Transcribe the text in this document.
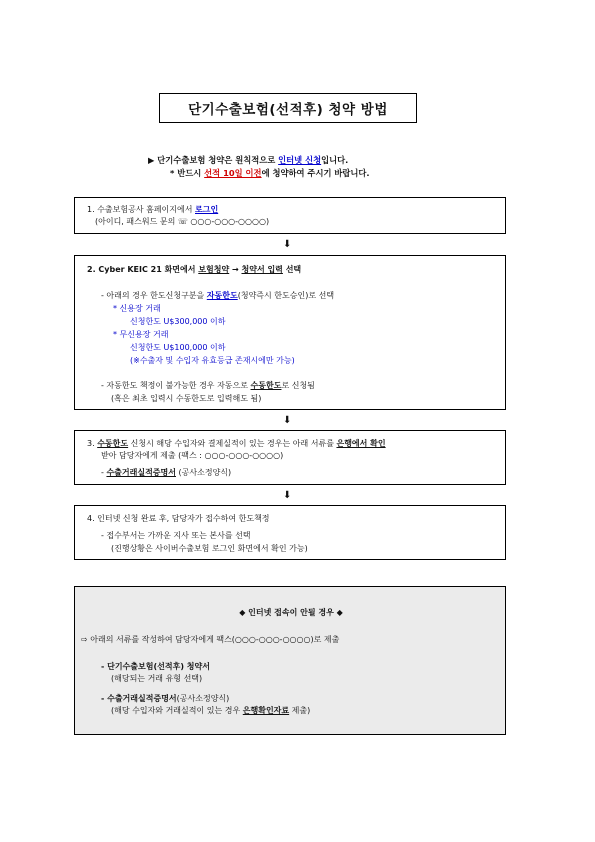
단기수출보험(선적후) 청약 방법
▶ 단기수출보험 청약은 원칙적으로 인터넷 신청입니다.
* 반드시 선적 10일 이전에 청약하여 주시기 바랍니다.
1. 수출보험공사 홈페이지에서 로그인
(아이디, 패스워드 문의 ☏ ○○○-○○○-○○○○)
⬇
2. Cyber KEIC 21 화면에서 보험청약 → 청약서 입력 선택
- 아래의 경우 한도신청구분을 자동한도(청약즉시 한도승인)로 선택
* 신용장 거래
신청한도 U$300,000 이하
* 무신용장 거래
신청한도 U$100,000 이하
(※수출자 및 수입자 유효등급 존재시에만 가능)
- 자동한도 책정이 불가능한 경우 자동으로 수동한도로 신청됨
(혹은 최초 입력시 수동한도로 입력해도 됨)
⬇
3. 수동한도 신청시 해당 수입자와 결제실적이 있는 경우는 아래 서류를 은행에서 확인
받아 담당자에게 제출 (팩스 : ○○○-○○○-○○○○)
- 수출거래실적증명서 (공사소정양식)
⬇
4. 인터넷 신청 완료 후, 담당자가 접수하여 한도책정
- 접수부서는 가까운 지사 또는 본사를 선택
(진행상황은 사이버수출보험 로그인 화면에서 확인 가능)
◆ 인터넷 접속이 안될 경우 ◆
⇨ 아래의 서류를 작성하여 담당자에게 팩스(○○○-○○○-○○○○)로 제출
- 단기수출보험(선적후) 청약서
(해당되는 거래 유형 선택)
- 수출거래실적증명서(공사소정양식)
(해당 수입자와 거래실적이 있는 경우 은행확인자료 제출)
